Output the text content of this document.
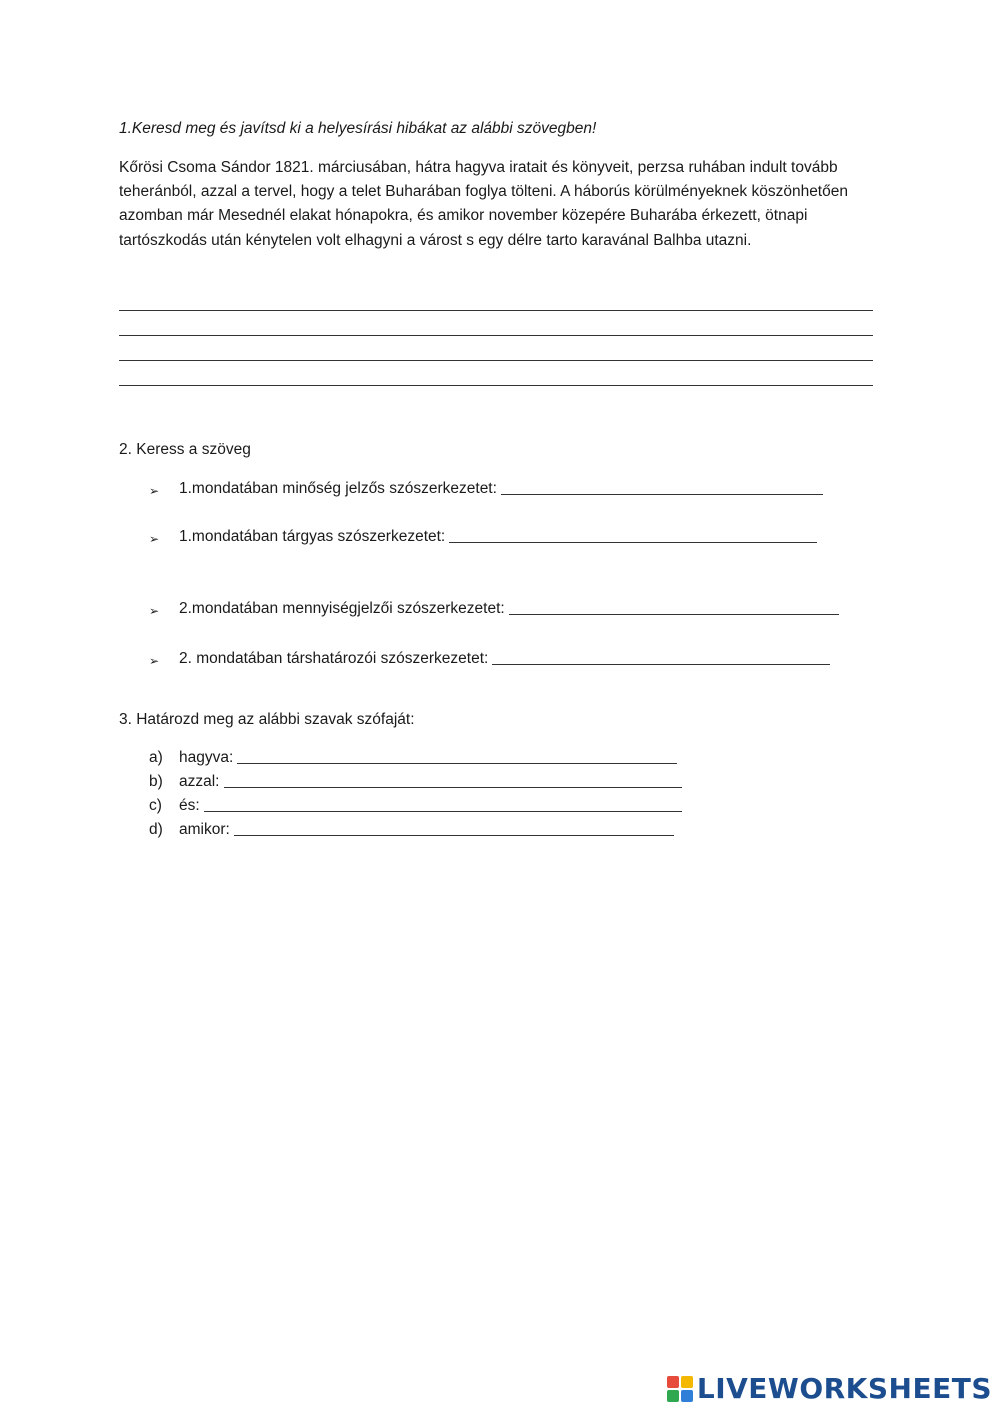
1.Keresd meg és javítsd ki a helyesírási hibákat az alábbi szövegben!

Kőrösi Csoma Sándor 1821. márciusában, hátra hagyva iratait és könyveit, perzsa ruhában indult tovább teheránból, azzal a tervel, hogy a telet Buharában foglya tölteni. A háborús körülményeknek köszönhetően azomban már Mesednél elakat hónapokra, és amikor november közepére Buharába érkezett, ötnapi tartószkodás után kénytelen volt elhagyni a várost s egy délre tarto karavánal Balhba utazni.

2. Keress a szöveg

➢	1.mondatában minőség jelzős szószerkezetet:
➢	1.mondatában tárgyas szószerkezetet:
➢	2.mondatában mennyiségjelzői szószerkezetet:
➢	2. mondatában társhatározói szószerkezetet:

3. Határozd meg az alábbi szavak szófaját:

a)	hagyva:
b)	azzal:
c)	és:
d)	amikor:
LIVEWORKSHEETS
